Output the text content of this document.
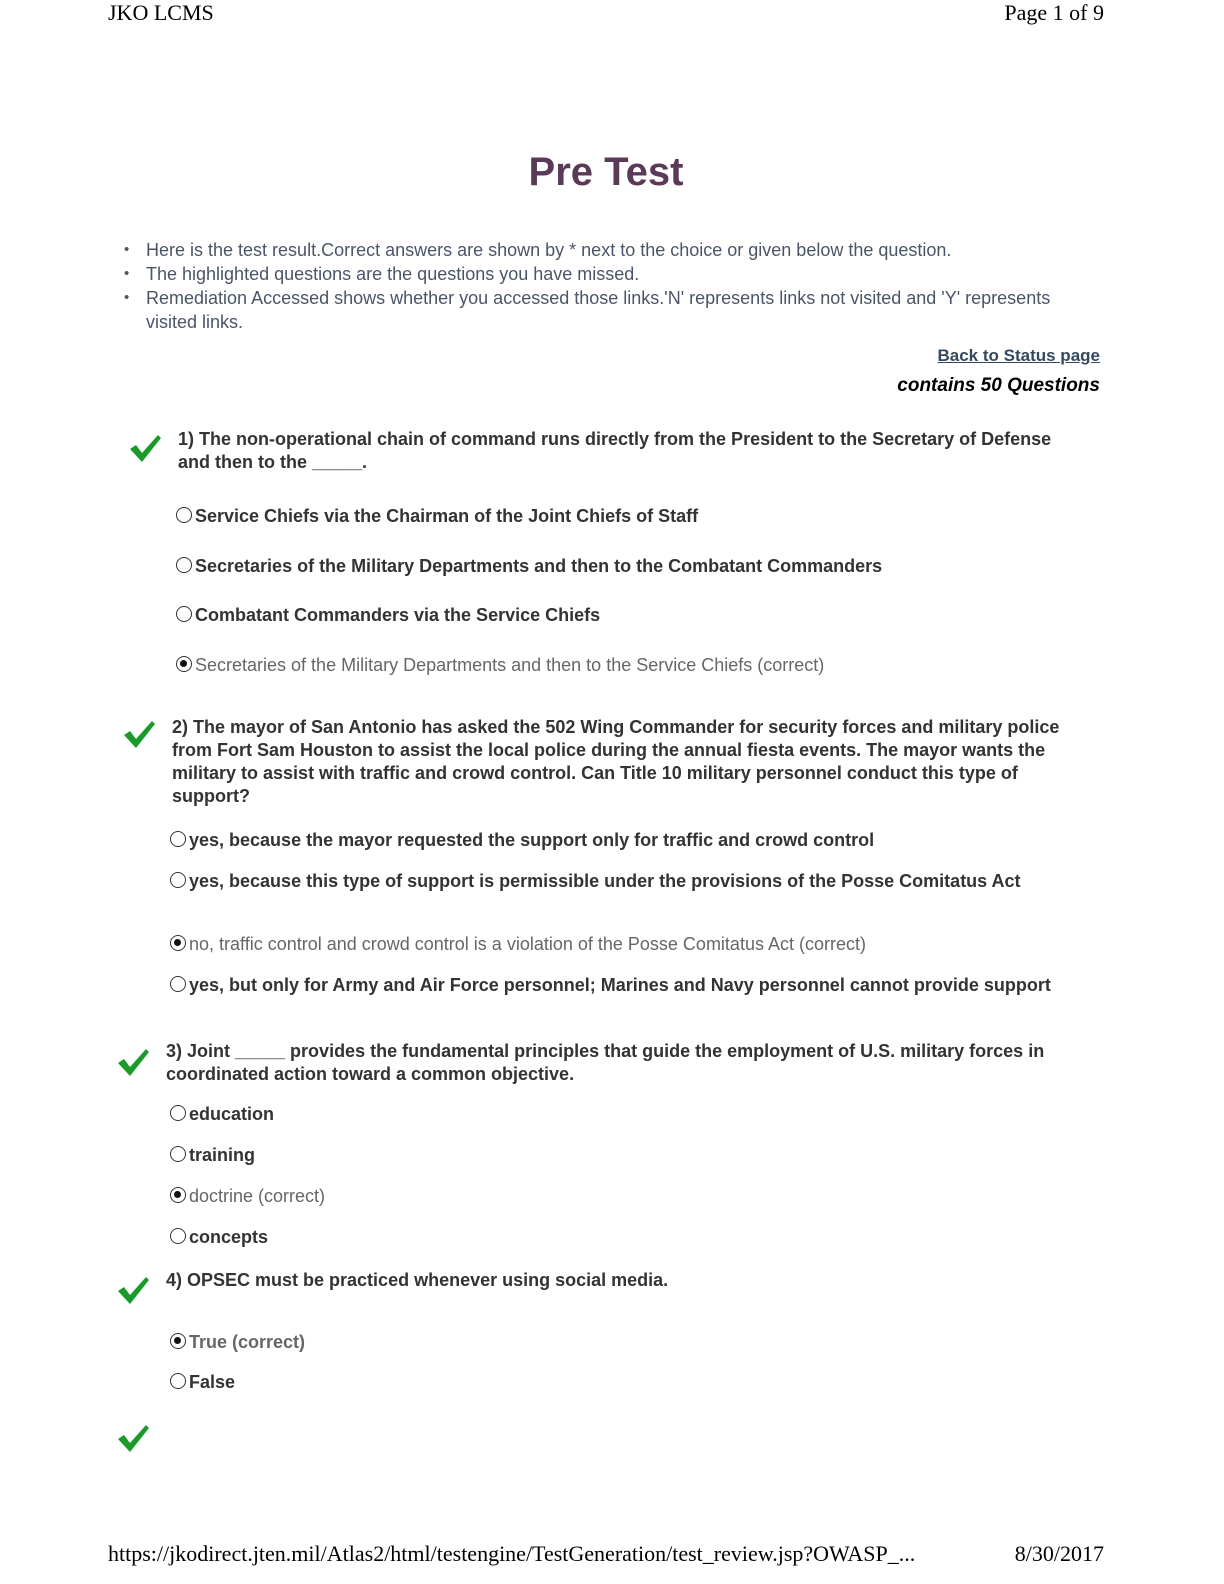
JKO LCMS	Page 1 of 9
Pre Test
• Here is the test result.Correct answers are shown by * next to the choice or given below the question.
• The highlighted questions are the questions you have missed.
• Remediation Accessed shows whether you accessed those links.'N' represents links not visited and 'Y' represents visited links.
Back to Status page
contains 50 Questions
1) The non-operational chain of command runs directly from the President to the Secretary of Defense and then to the _____.
Service Chiefs via the Chairman of the Joint Chiefs of Staff
Secretaries of the Military Departments and then to the Combatant Commanders
Combatant Commanders via the Service Chiefs
Secretaries of the Military Departments and then to the Service Chiefs (correct)
2) The mayor of San Antonio has asked the 502 Wing Commander for security forces and military police from Fort Sam Houston to assist the local police during the annual fiesta events. The mayor wants the military to assist with traffic and crowd control. Can Title 10 military personnel conduct this type of support?
yes, because the mayor requested the support only for traffic and crowd control
yes, because this type of support is permissible under the provisions of the Posse Comitatus Act
no, traffic control and crowd control is a violation of the Posse Comitatus Act (correct)
yes, but only for Army and Air Force personnel; Marines and Navy personnel cannot provide support
3) Joint _____ provides the fundamental principles that guide the employment of U.S. military forces in coordinated action toward a common objective.
education
training
doctrine (correct)
concepts
4) OPSEC must be practiced whenever using social media.
True (correct)
False
https://jkodirect.jten.mil/Atlas2/html/testengine/TestGeneration/test_review.jsp?OWASP_...	8/30/2017
